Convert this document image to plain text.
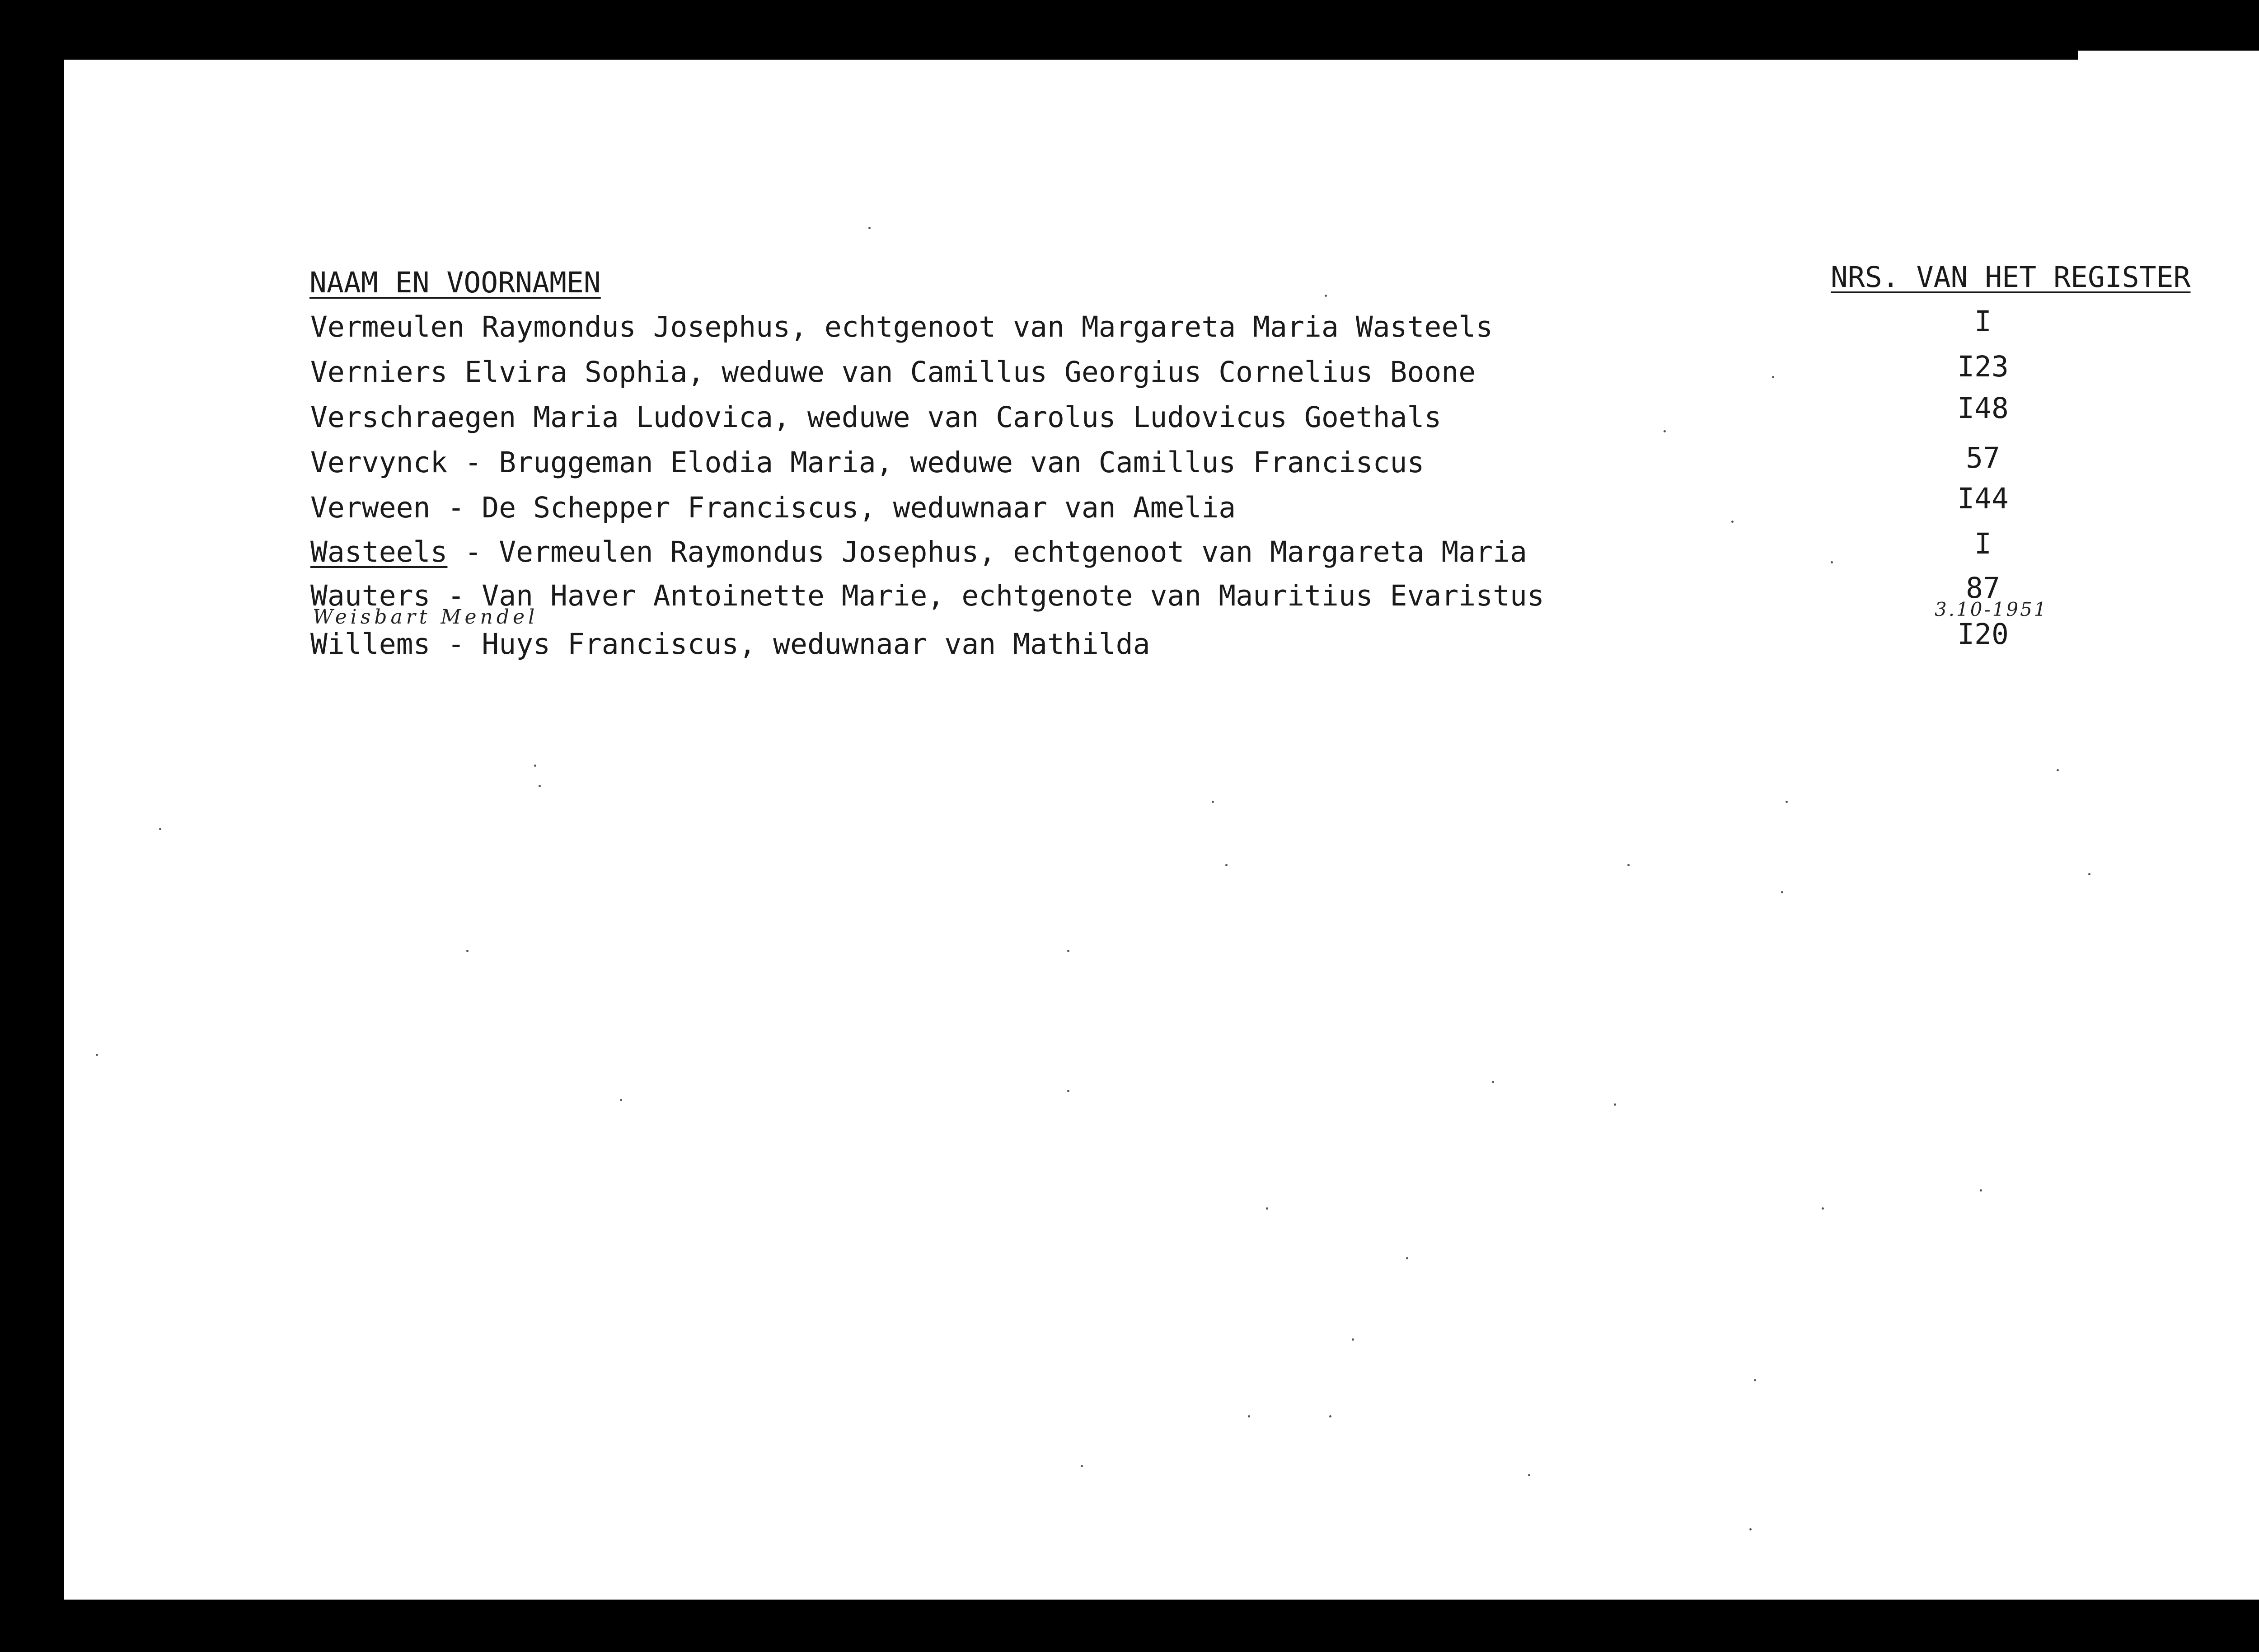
NAAM EN VOORNAMEN	NRS. VAN HET REGISTER
Vermeulen Raymondus Josephus, echtgenoot van Margareta Maria Wasteels	I
Verniers Elvira Sophia, weduwe van Camillus Georgius Cornelius Boone	I23
Verschraegen Maria Ludovica, weduwe van Carolus Ludovicus Goethals	I48
Vervynck - Bruggeman Elodia Maria, weduwe van Camillus Franciscus	57
Verween - De Schepper Franciscus, weduwnaar van Amelia	I44
Wasteels - Vermeulen Raymondus Josephus, echtgenoot van Margareta Maria	I
Wauters - Van Haver Antoinette Marie, echtgenote van Mauritius Evaristus	87
Weisbart Mendel	3.10-1951
Willems - Huys Franciscus, weduwnaar van Mathilda	I20
